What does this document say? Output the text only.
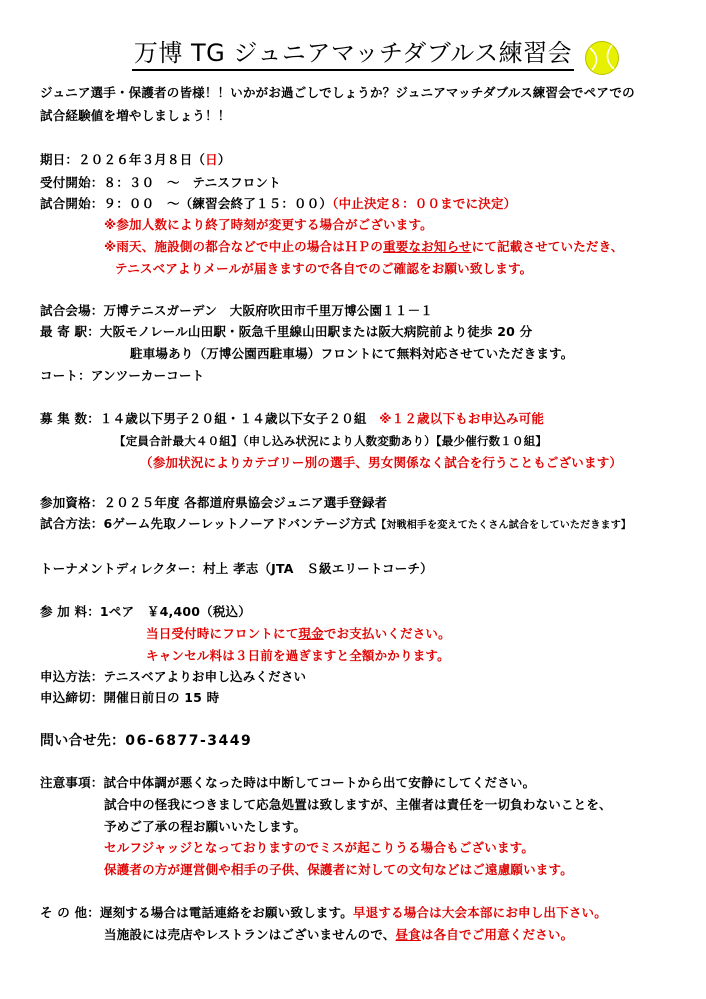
万博 TG ジュニアマッチダブルス練習会
ジュニア選手・保護者の皆様！！いかがお過ごしでしょうか？ジュニアマッチダブルス練習会でペアでの
試合経験値を増やしましょう！！
期日：２０２６年３月８日（日）
受付開始：８：３０　〜　テニスフロント
試合開始：９：００　〜（練習会終了１５：００）（中止決定８：００までに決定）
※参加人数により終了時刻が変更する場合がございます。
※雨天、施設側の都合などで中止の場合はＨＰの重要なお知らせにて記載させていただき、
テニスベアよりメールが届きますので各自でのご確認をお願い致します。
試合会場：万博テニスガーデン　大阪府吹田市千里万博公園１１－１
最 寄 駅：大阪モノレール山田駅・阪急千里線山田駅または阪大病院前より徒歩 20 分
駐車場あり（万博公園西駐車場）フロントにて無料対応させていただきます。
コート：アンツーカーコート
募 集 数：１４歳以下男子２０組・１４歳以下女子２０組　※１２歳以下もお申込み可能
【定員合計最大４０組】（申し込み状況により人数変動あり）【最少催行数１０組】
（参加状況によりカテゴリー別の選手、男女関係なく試合を行うこともございます）
参加資格：２０２５年度 各都道府県協会ジュニア選手登録者
試合方法：6ゲーム先取ノーレットノーアドバンテージ方式【対戦相手を変えてたくさん試合をしていただきます】
トーナメントディレクター：村上 孝志（JTA　Ｓ級エリートコーチ）
参 加 料：1ペア　￥4,400（税込）
当日受付時にフロントにて現金でお支払いください。
キャンセル料は３日前を過ぎますと全額かかります。
申込方法：テニスベアよりお申し込みください
申込締切：開催日前日の 15 時
問い合せ先：06-6877-3449
注意事項：試合中体調が悪くなった時は中断してコートから出て安静にしてください。
試合中の怪我につきまして応急処置は致しますが、主催者は責任を一切負わないことを、
予めご了承の程お願いいたします。
セルフジャッジとなっておりますのでミスが起こりうる場合もございます。
保護者の方が運営側や相手の子供、保護者に対しての文句などはご遠慮願います。
そ の 他：遅刻する場合は電話連絡をお願い致します。早退する場合は大会本部にお申し出下さい。
当施設には売店やレストランはございませんので、昼食は各自でご用意ください。
